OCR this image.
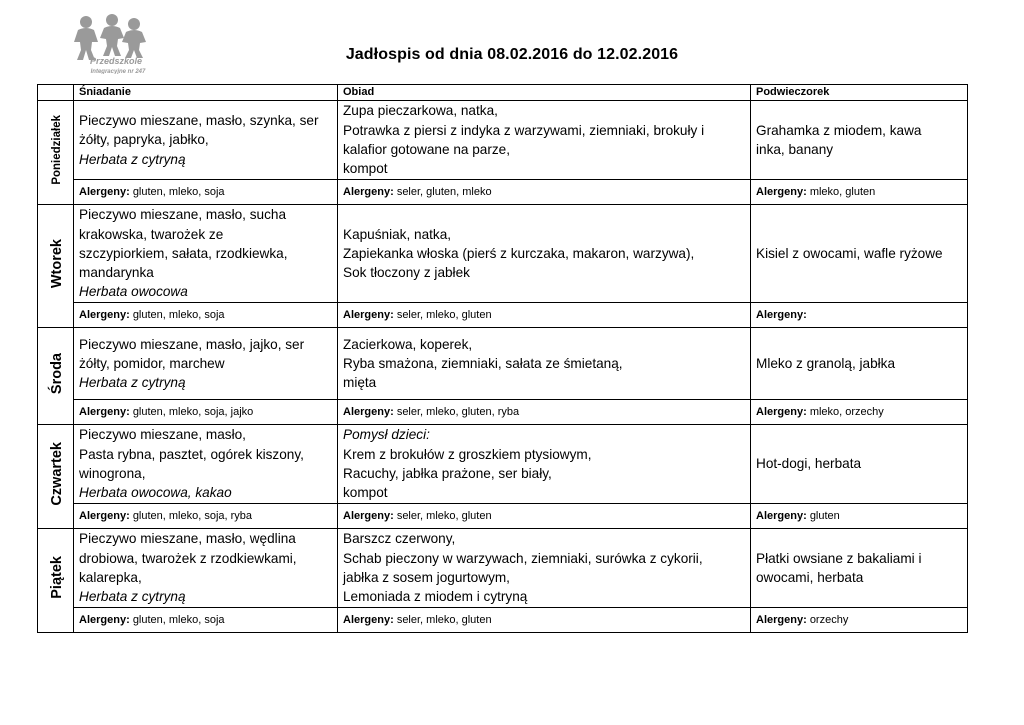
Przedszkole
Integracyjne nr 247
Jadłospis od dnia 08.02.2016 do 12.02.2016
	Śniadanie	Obiad	Podwieczorek
Poniedziałek	Pieczywo mieszane, masło, szynka, ser
żółty, papryka, jabłko,
Herbata z cytryną	Zupa pieczarkowa, natka,
Potrawka z piersi z indyka z warzywami, ziemniaki, brokuły i
kalafior gotowane na parze,
kompot	Grahamka z miodem, kawa
inka, banany

	Alergeny: gluten, mleko, soja	Alergeny: seler, gluten, mleko	Alergeny: mleko, gluten
Wtorek	Pieczywo mieszane, masło, sucha
krakowska, twarożek ze
szczypiorkiem, sałata, rzodkiewka,
mandarynka
Herbata owocowa	Kapuśniak, natka,
Zapiekanka włoska (pierś z kurczaka, makaron, warzywa),
Sok tłoczony z jabłek	Kisiel z owocami, wafle ryżowe

	Alergeny: gluten, mleko, soja	Alergeny: seler, mleko, gluten	Alergeny:
Środa	Pieczywo mieszane, masło, jajko, ser
żółty, pomidor, marchew
Herbata z cytryną	Zacierkowa, koperek,
Ryba smażona, ziemniaki, sałata ze śmietaną,
mięta	Mleko z granolą, jabłka

	Alergeny: gluten, mleko, soja, jajko	Alergeny: seler, mleko, gluten, ryba	Alergeny: mleko, orzechy
Czwartek	Pieczywo mieszane, masło,
Pasta rybna, pasztet, ogórek kiszony,
winogrona,
Herbata owocowa, kakao	Pomysł dzieci:
Krem z brokułów z groszkiem ptysiowym,
Racuchy, jabłka prażone, ser biały,
kompot	Hot-dogi, herbata

	Alergeny: gluten, mleko, soja, ryba	Alergeny: seler, mleko, gluten	Alergeny: gluten
Piątek	Pieczywo mieszane, masło, wędlina
drobiowa, twarożek z rzodkiewkami,
kalarepka,
Herbata z cytryną	Barszcz czerwony,
Schab pieczony w warzywach, ziemniaki, surówka z cykorii,
jabłka z sosem jogurtowym,
Lemoniada z miodem i cytryną	Płatki owsiane z bakaliami i
owocami, herbata

	Alergeny: gluten, mleko, soja	Alergeny: seler, mleko, gluten	Alergeny: orzechy
